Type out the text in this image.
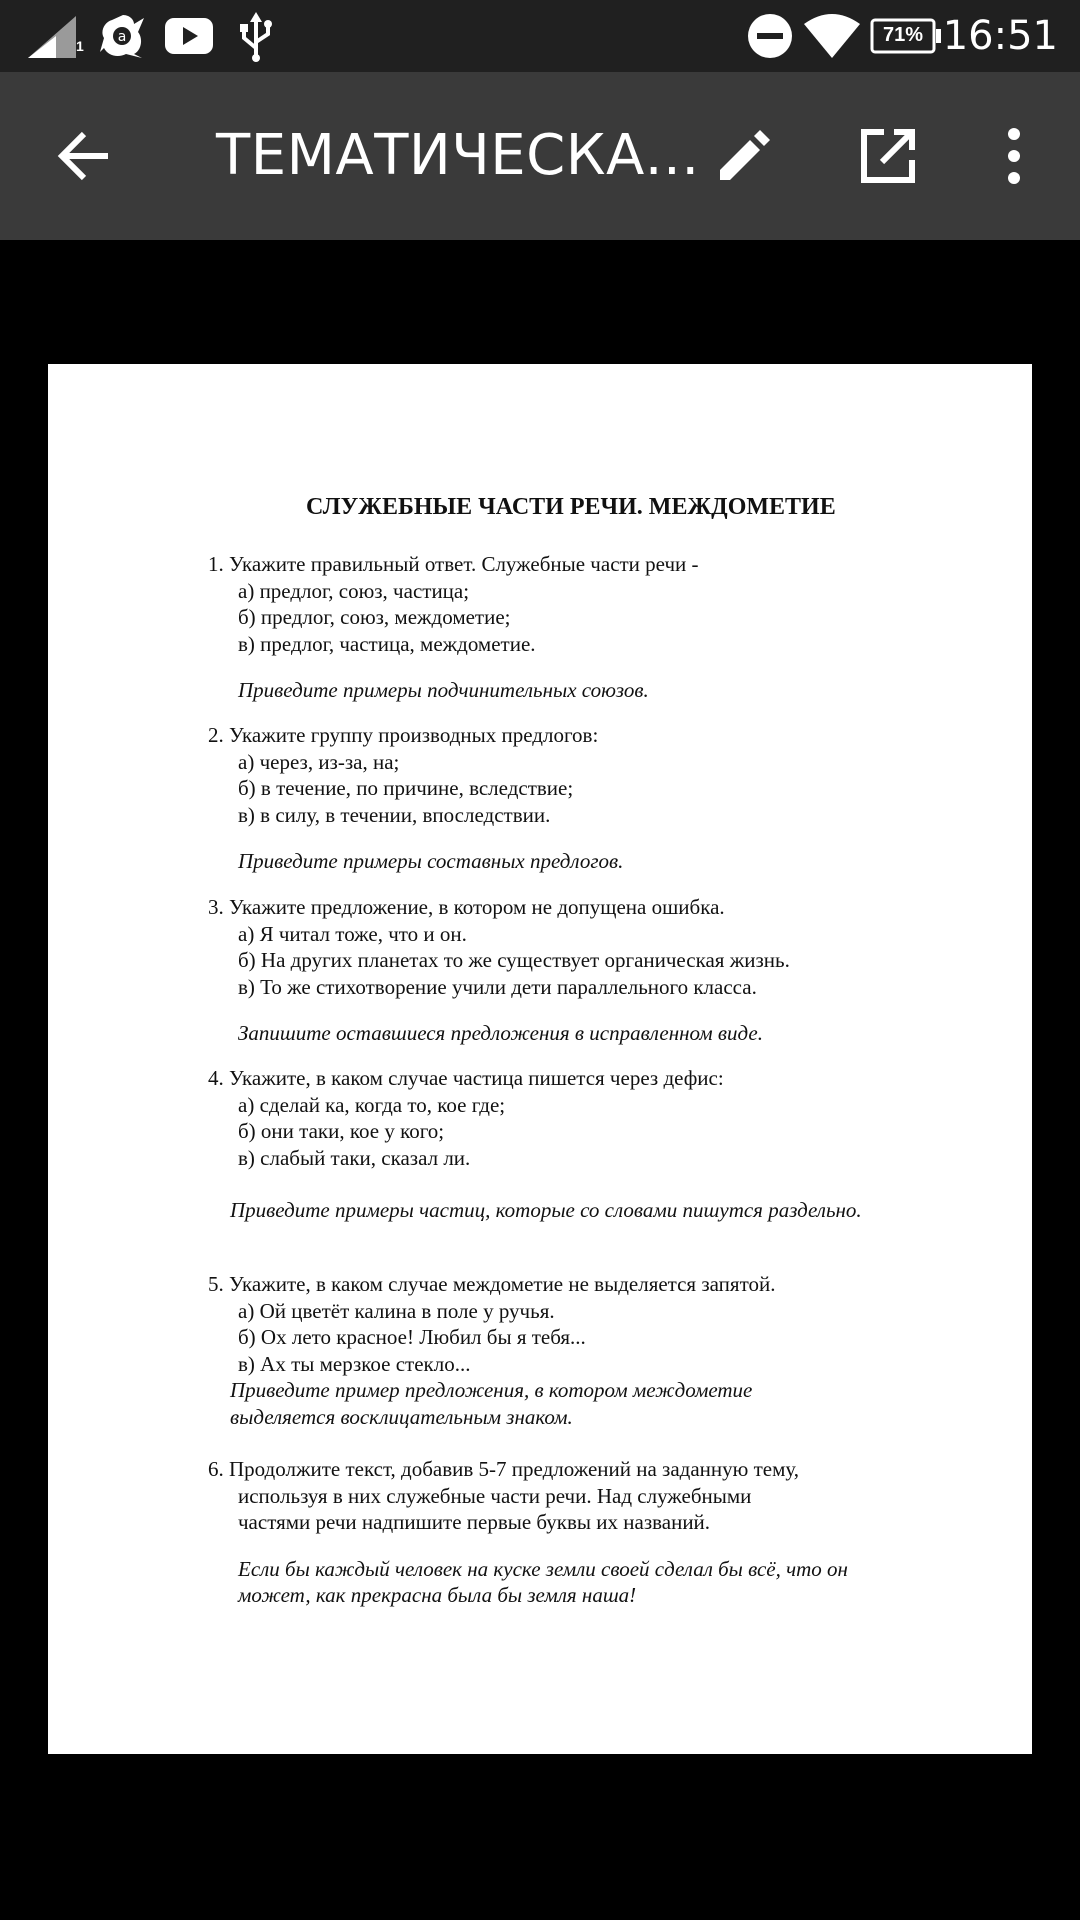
1
a	71% 16:51
ТЕМАТИЧЕСКА...
СЛУЖЕБНЫЕ ЧАСТИ РЕЧИ. МЕЖДОМЕТИЕ
1. Укажите правильный ответ. Служебные части речи -
а) предлог, союз, частица;
б) предлог, союз, междометие;
в) предлог, частица, междометие.
Приведите примеры подчинительных союзов.
2. Укажите группу производных предлогов:
а) через, из-за, на;
б) в течение, по причине, вследствие;
в) в силу, в течении, впоследствии.
Приведите примеры составных предлогов.
3. Укажите предложение, в котором не допущена ошибка.
а) Я читал тоже, что и он.
б) На других планетах то же существует органическая жизнь.
в) То же стихотворение учили дети параллельного класса.
Запишите оставшиеся предложения в исправленном виде.
4. Укажите, в каком случае частица пишется через дефис:
а) сделай ка, когда то, кое где;
б) они таки, кое у кого;
в) слабый таки, сказал ли.
Приведите примеры частиц, которые со словами пишутся раздельно.
5. Укажите, в каком случае междометие не выделяется запятой.
а) Ой цветёт калина в поле у ручья.
б) Ох лето красное! Любил бы я тебя...
в) Ах ты мерзкое стекло...
Приведите пример предложения, в котором междометие
выделяется восклицательным знаком.
6. Продолжите текст, добавив 5-7 предложений на заданную тему,
используя в них служебные части речи. Над служебными
частями речи надпишите первые буквы их названий.
Если бы каждый человек на куске земли своей сделал бы всё, что он
может, как прекрасна была бы земля наша!
